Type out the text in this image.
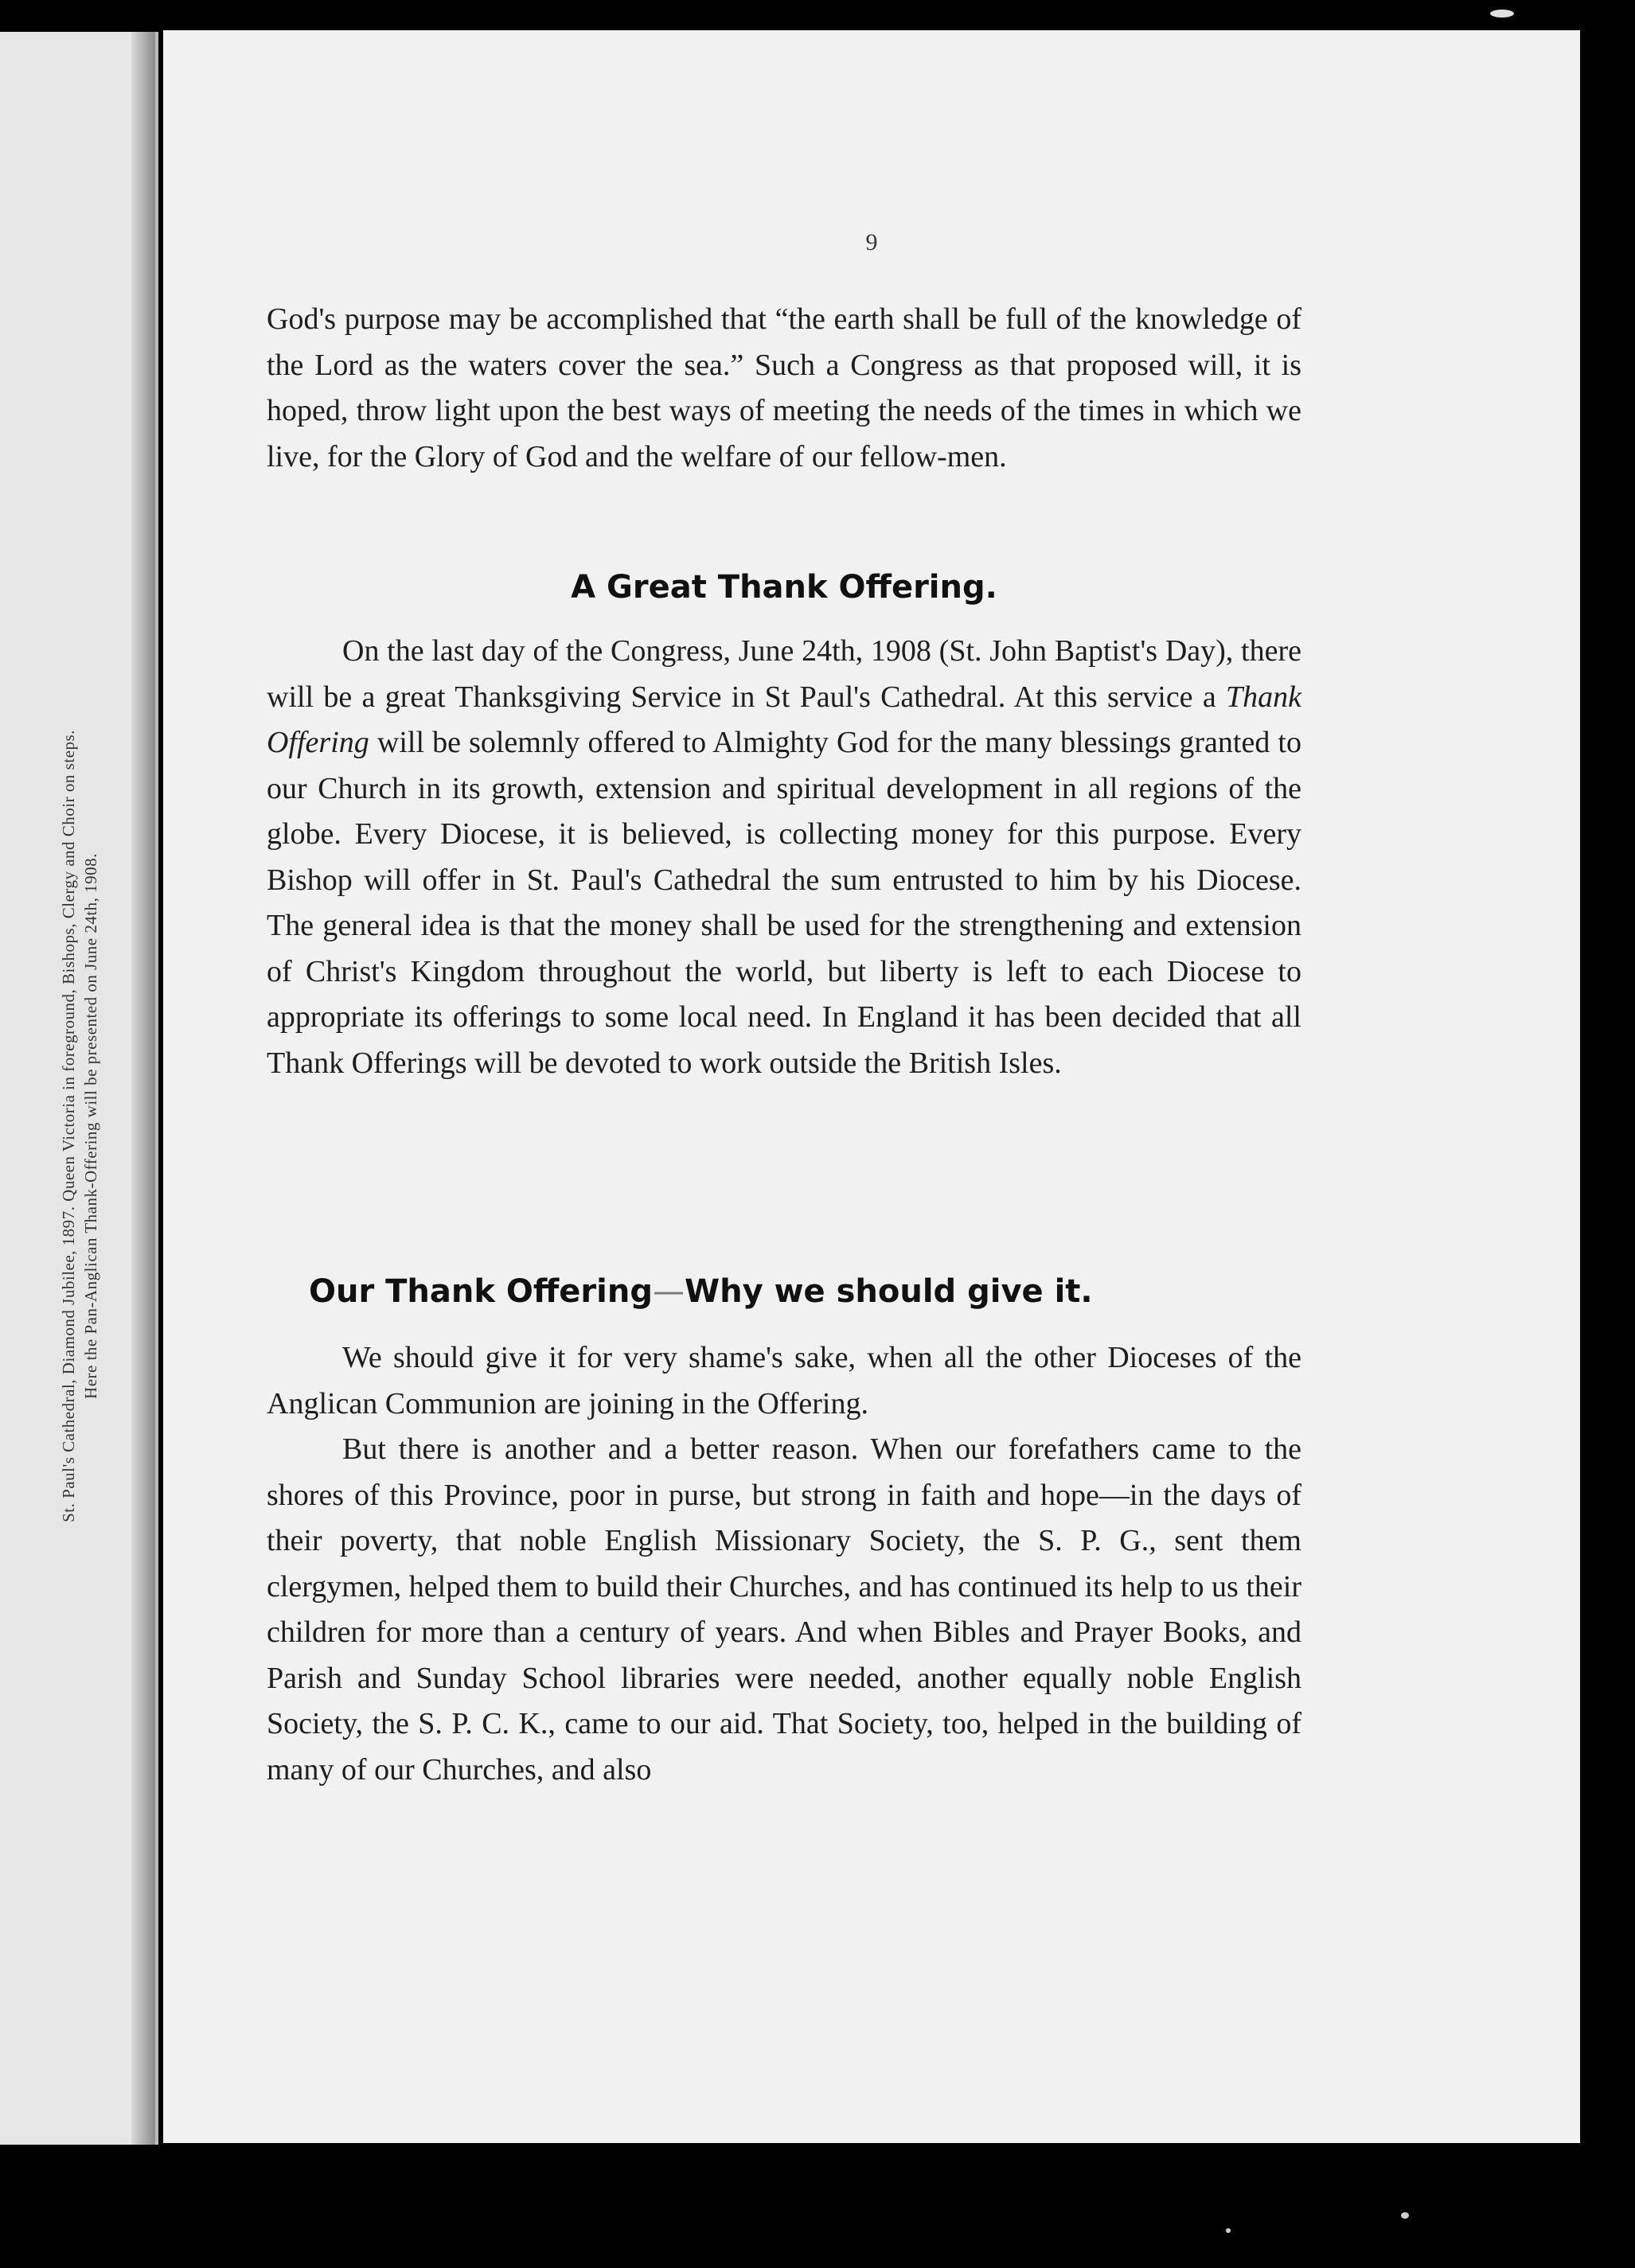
St. Paul's Cathedral, Diamond Jubilee, 1897. Queen Victoria in foreground, Bishops, Clergy and Choir on steps. Here the Pan-Anglican Thank-Offering will be presented on June 24th, 1908.
9

God's purpose may be accomplished that “the earth shall be full of the knowledge of the Lord as the waters cover the sea.” Such a Congress as that proposed will, it is hoped, throw light upon the best ways of meeting the needs of the times in which we live, for the Glory of God and the welfare of our fellow-men.

A Great Thank Offering.

On the last day of the Congress, June 24th, 1908 (St. John Baptist's Day), there will be a great Thanksgiving Service in St Paul's Cathedral. At this service a Thank Offering will be solemnly offered to Almighty God for the many blessings granted to our Church in its growth, extension and spiritual development in all regions of the globe. Every Diocese, it is believed, is collecting money for this purpose. Every Bishop will offer in St. Paul's Cathedral the sum entrusted to him by his Diocese. The general idea is that the money shall be used for the strengthening and extension of Christ's Kingdom throughout the world, but liberty is left to each Diocese to appropriate its offerings to some local need. In England it has been decided that all Thank Offerings will be devoted to work outside the British Isles.

Our Thank Offering—Why we should give it.

We should give it for very shame's sake, when all the other Dioceses of the Anglican Communion are joining in the Offering.

But there is another and a better reason. When our forefathers came to the shores of this Province, poor in purse, but strong in faith and hope—in the days of their poverty, that noble English Missionary Society, the S. P. G., sent them clergymen, helped them to build their Churches, and has continued its help to us their children for more than a century of years. And when Bibles and Prayer Books, and Parish and Sunday School libraries were needed, another equally noble English Society, the S. P. C. K., came to our aid. That Society, too, helped in the building of many of our Churches, and also
